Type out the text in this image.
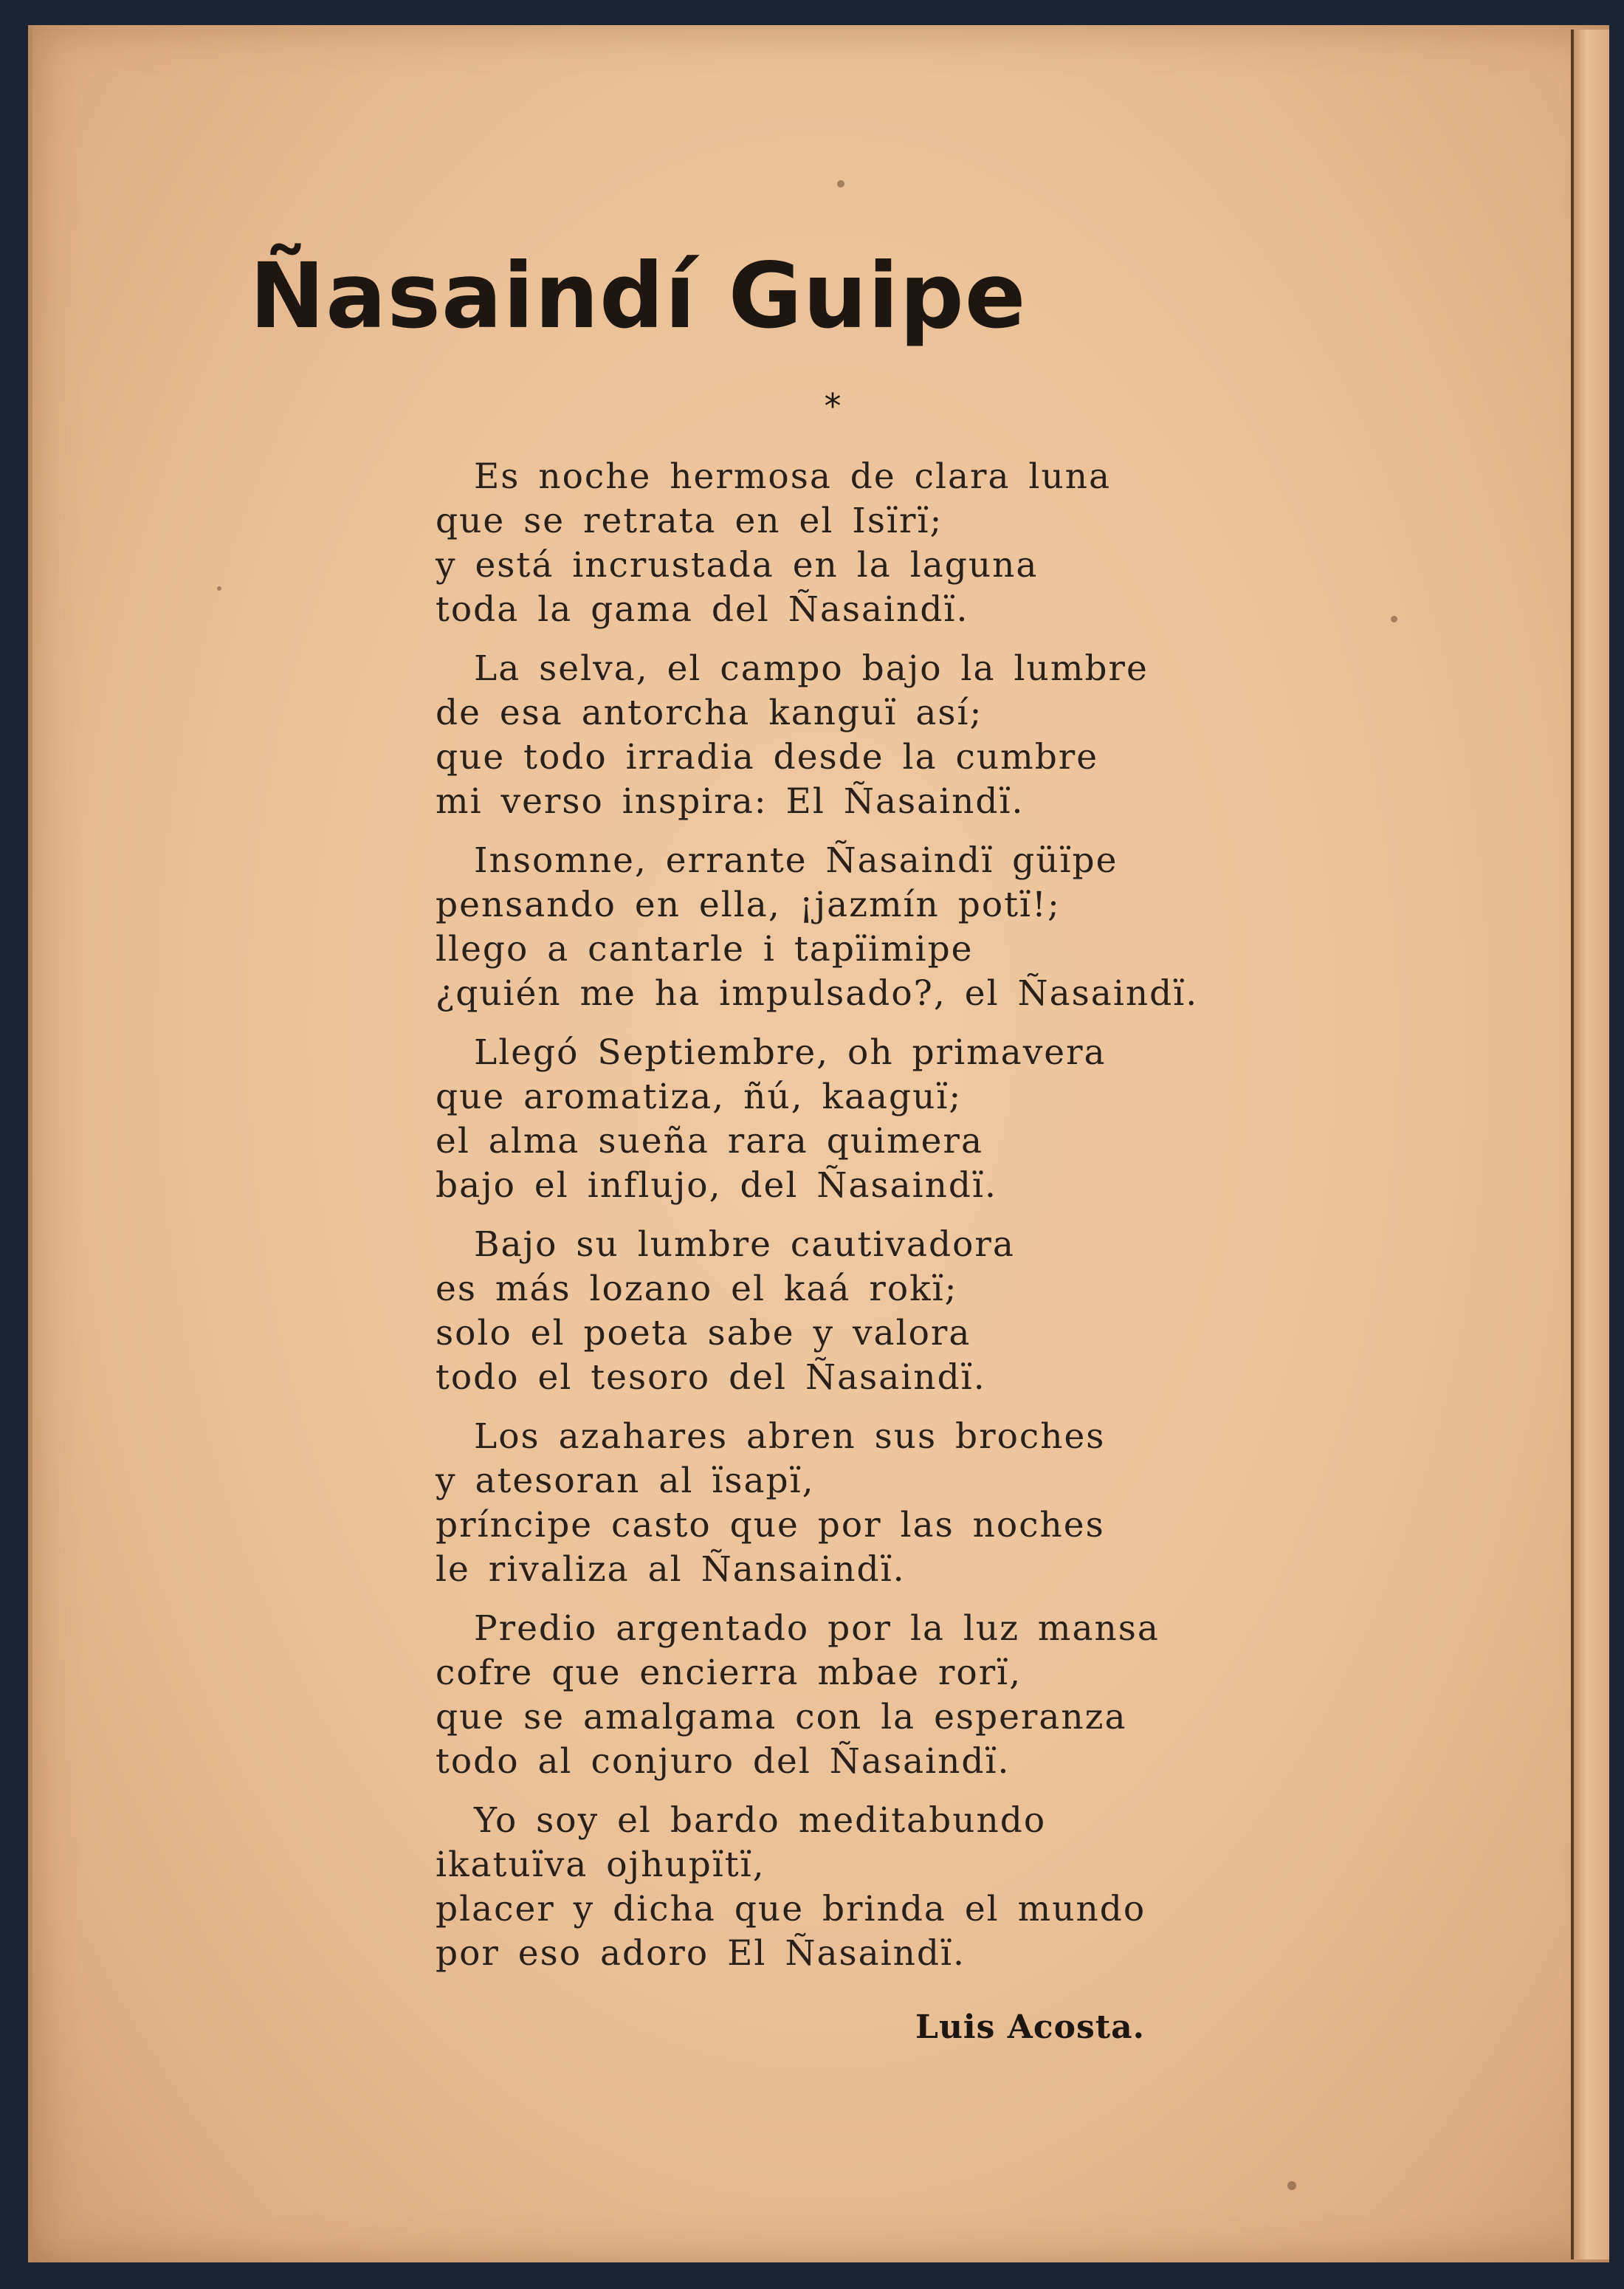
Ñasaindí Guipe
*
Es noche hermosa de clara luna
que se retrata en el Isïrï;
y está incrustada en la laguna
toda la gama del Ñasaindï.
La selva, el campo bajo la lumbre
de esa antorcha kanguï así;
que todo irradia desde la cumbre
mi verso inspira: El Ñasaindï.
Insomne, errante Ñasaindï güïpe
pensando en ella, ¡jazmín potï!;
llego a cantarle i tapïimipe
¿quién me ha impulsado?, el Ñasaindï.
Llegó Septiembre, oh primavera
que aromatiza, ñú, kaaguï;
el alma sueña rara quimera
bajo el influjo, del Ñasaindï.
Bajo su lumbre cautivadora
es más lozano el kaá rokï;
solo el poeta sabe y valora
todo el tesoro del Ñasaindï.
Los azahares abren sus broches
y atesoran al ïsapï,
príncipe casto que por las noches
le rivaliza al Ñansaindï.
Predio argentado por la luz mansa
cofre que encierra mbae rorï,
que se amalgama con la esperanza
todo al conjuro del Ñasaindï.
Yo soy el bardo meditabundo
ikatuïva ojhupïtï,
placer y dicha que brinda el mundo
por eso adoro El Ñasaindï.
Luis Acosta.
